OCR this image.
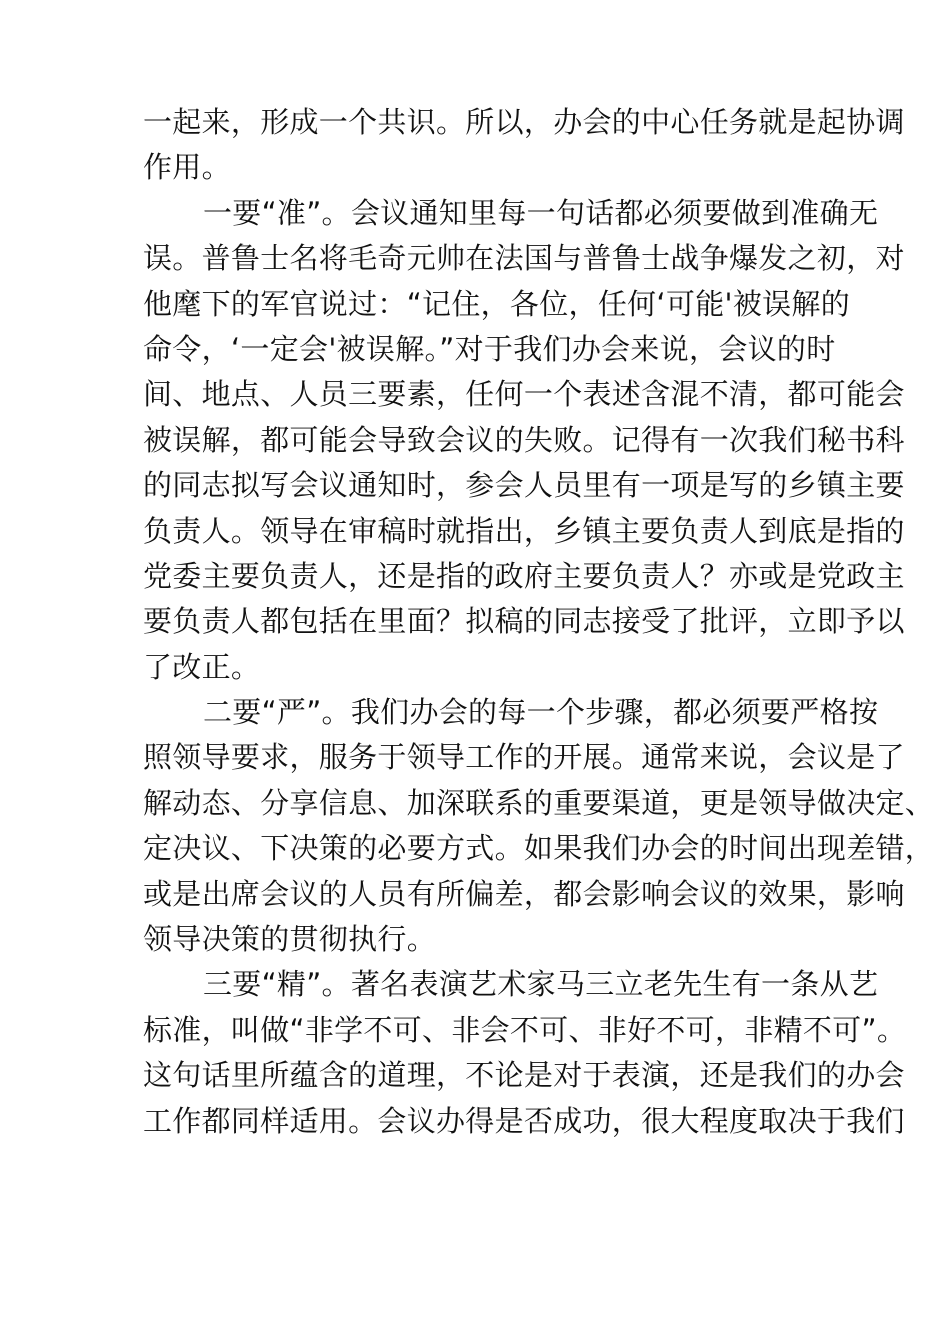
一起来，形成一个共识。所以，办会的中心任务就是起协调
作用。
一要“准”。会议通知里每一句话都必须要做到准确无
误。普鲁士名将毛奇元帅在法国与普鲁士战争爆发之初，对
他麾下的军官说过：“记住，各位，任何‘可能'被误解的
命令，‘一定会'被误解。”对于我们办会来说，会议的时
间、地点、人员三要素，任何一个表述含混不清，都可能会
被误解，都可能会导致会议的失败。记得有一次我们秘书科
的同志拟写会议通知时，参会人员里有一项是写的乡镇主要
负责人。领导在审稿时就指出，乡镇主要负责人到底是指的
党委主要负责人，还是指的政府主要负责人？亦或是党政主
要负责人都包括在里面？拟稿的同志接受了批评，立即予以
了改正。
二要“严”。我们办会的每一个步骤，都必须要严格按
照领导要求，服务于领导工作的开展。通常来说，会议是了
解动态、分享信息、加深联系的重要渠道，更是领导做决定、
定决议、下决策的必要方式。如果我们办会的时间出现差错，
或是出席会议的人员有所偏差，都会影响会议的效果，影响
领导决策的贯彻执行。
三要“精”。著名表演艺术家马三立老先生有一条从艺
标准，叫做“非学不可、非会不可、非好不可，非精不可”。
这句话里所蕴含的道理，不论是对于表演，还是我们的办会
工作都同样适用。会议办得是否成功，很大程度取决于我们
